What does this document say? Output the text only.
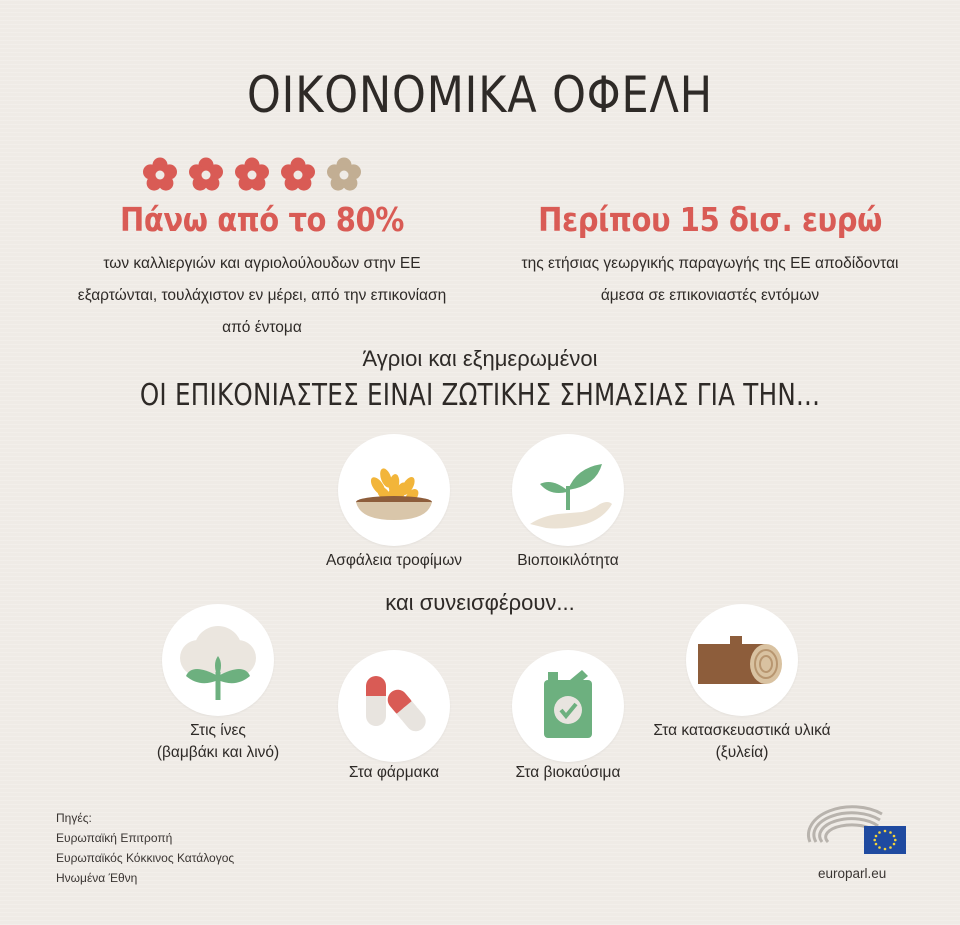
ΟΙΚΟΝΟΜΙΚΑ ΟΦΕΛΗ
Πάνω από το 80%
των καλλιεργιών και αγριολούλουδων στην ΕΕ
εξαρτώνται, τουλάχιστον εν μέρει, από την επικονίαση
από έντομα
Περίπου 15 δισ. ευρώ
της ετήσιας γεωργικής παραγωγής της ΕΕ αποδίδονται
άμεσα σε επικονιαστές εντόμων
Άγριοι και εξημερωμένοι
ΟΙ ΕΠΙΚΟΝΙΑΣΤΕΣ ΕΙΝΑΙ ΖΩΤΙΚΗΣ ΣΗΜΑΣΙΑΣ ΓΙΑ ΤΗΝ...
Ασφάλεια τροφίμων	Βιοποικιλότητα
και συνεισφέρουν...
Στις ίνες
(βαμβάκι και λινό)
Στα φάρμακα	Στα βιοκαύσιμα
Στα κατασκευαστικά υλικά
(ξυλεία)
Πηγές:
Ευρωπαϊκή Επιτροπή
Ευρωπαϊκός Κόκκινος Κατάλογος
Ηνωμένα Έθνη	europarl.eu
